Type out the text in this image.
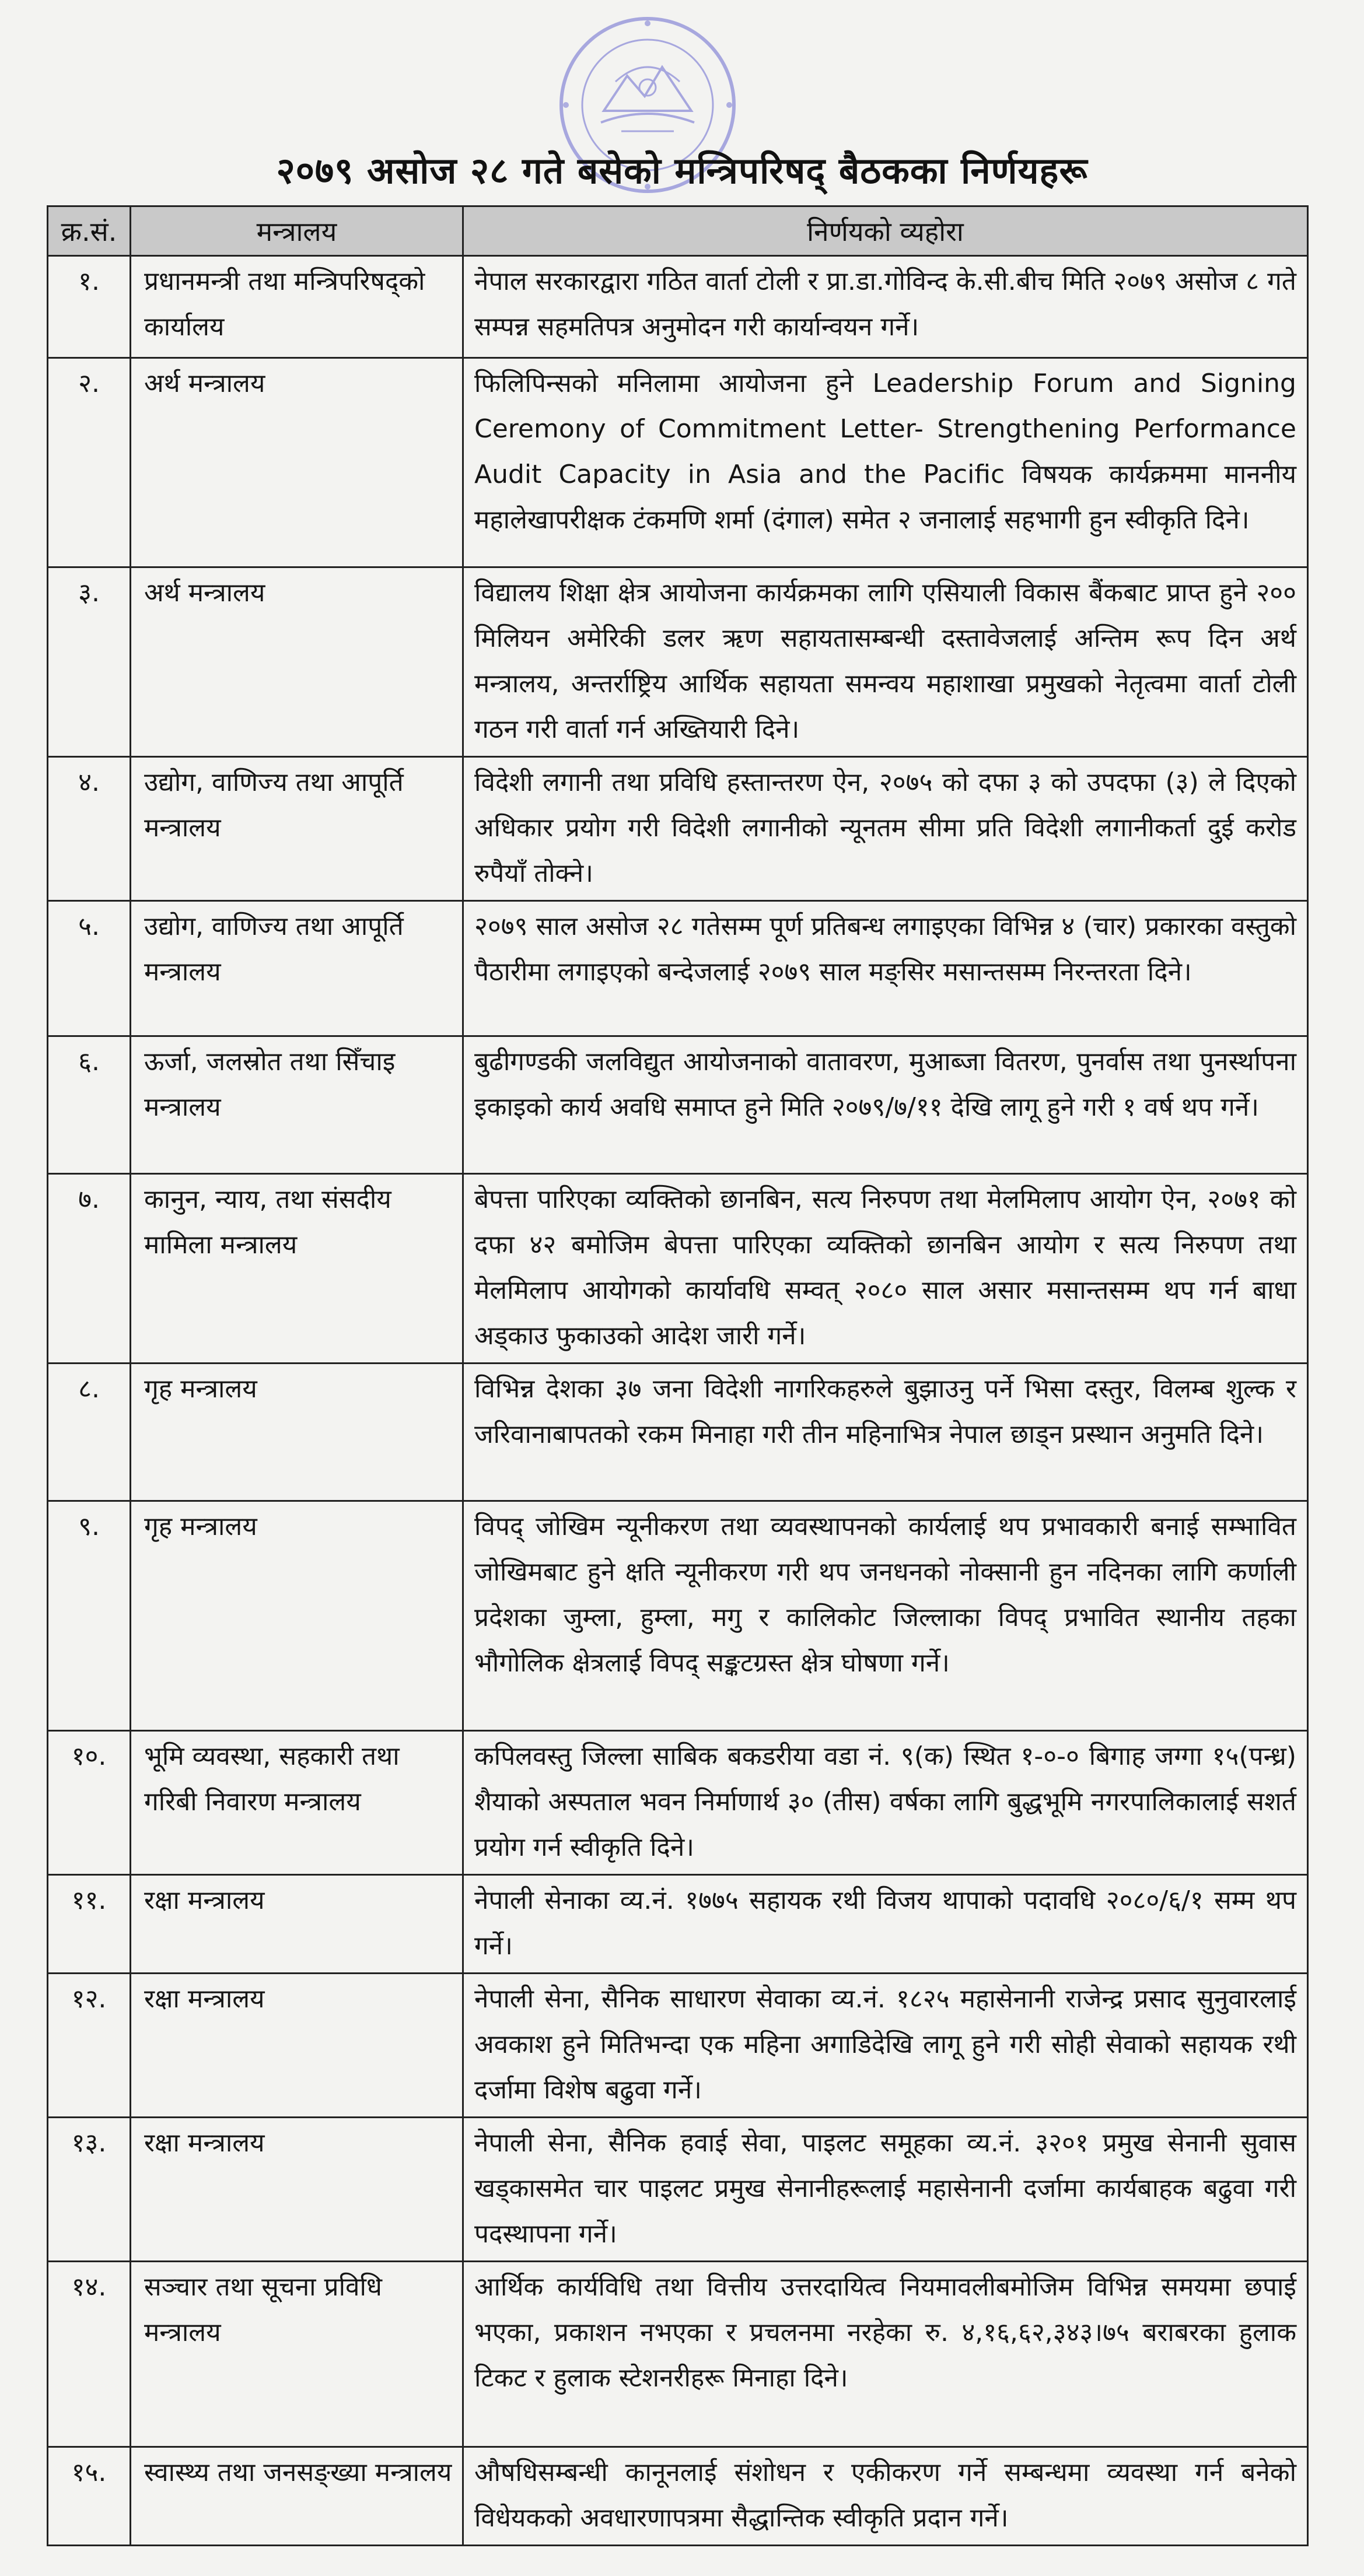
२०७९ असोज २८ गते बसेको मन्त्रिपरिषद् बैठकका निर्णयहरू
क्र.सं.	मन्त्रालय	निर्णयको व्यहोरा
१.	प्रधानमन्त्री तथा मन्त्रिपरिषद्को कार्यालय	नेपाल सरकारद्वारा गठित वार्ता टोली र प्रा.डा.गोविन्द के.सी.बीच मिति २०७९ असोज ८ गते सम्पन्न सहमतिपत्र अनुमोदन गरी कार्यान्वयन गर्ने।
२.	अर्थ मन्त्रालय	फिलिपिन्सको मनिलामा आयोजना हुने Leadership Forum and Signing Ceremony of Commitment Letter- Strengthening Performance Audit Capacity in Asia and the Pacific विषयक कार्यक्रममा माननीय महालेखापरीक्षक टंकमणि शर्मा (दंगाल) समेत २ जनालाई सहभागी हुन स्वीकृति दिने।
३.	अर्थ मन्त्रालय	विद्यालय शिक्षा क्षेत्र आयोजना कार्यक्रमका लागि एसियाली विकास बैंकबाट प्राप्त हुने २०० मिलियन अमेरिकी डलर ऋण सहायतासम्बन्धी दस्तावेजलाई अन्तिम रूप दिन अर्थ मन्त्रालय, अन्तर्राष्ट्रिय आर्थिक सहायता समन्वय महाशाखा प्रमुखको नेतृत्वमा वार्ता टोली गठन गरी वार्ता गर्न अख्तियारी दिने।
४.	उद्योग, वाणिज्य तथा आपूर्ति मन्त्रालय	विदेशी लगानी तथा प्रविधि हस्तान्तरण ऐन, २०७५ को दफा ३ को उपदफा (३) ले दिएको अधिकार प्रयोग गरी विदेशी लगानीको न्यूनतम सीमा प्रति विदेशी लगानीकर्ता दुई करोड रुपैयाँ तोक्ने।
५.	उद्योग, वाणिज्य तथा आपूर्ति मन्त्रालय	२०७९ साल असोज २८ गतेसम्म पूर्ण प्रतिबन्ध लगाइएका विभिन्न ४ (चार) प्रकारका वस्तुको पैठारीमा लगाइएको बन्देजलाई २०७९ साल मङ्सिर मसान्तसम्म निरन्तरता दिने।
६.	ऊर्जा, जलस्रोत तथा सिँचाइ मन्त्रालय	बुढीगण्डकी जलविद्युत आयोजनाको वातावरण, मुआब्जा वितरण, पुनर्वास तथा पुनर्स्थापना इकाइको कार्य अवधि समाप्त हुने मिति २०७९/७/११ देखि लागू हुने गरी १ वर्ष थप गर्ने।
७.	कानुन, न्याय, तथा संसदीय मामिला मन्त्रालय	बेपत्ता पारिएका व्यक्तिको छानबिन, सत्य निरुपण तथा मेलमिलाप आयोग ऐन, २०७१ को दफा ४२ बमोजिम बेपत्ता पारिएका व्यक्तिको छानबिन आयोग र सत्य निरुपण तथा मेलमिलाप आयोगको कार्यावधि सम्वत् २०८० साल असार मसान्तसम्म थप गर्न बाधा अड्काउ फुकाउको आदेश जारी गर्ने।
८.	गृह मन्त्रालय	विभिन्न देशका ३७ जना विदेशी नागरिकहरुले बुझाउनु पर्ने भिसा दस्तुर, विलम्ब शुल्क र जरिवानाबापतको रकम मिनाहा गरी तीन महिनाभित्र नेपाल छाड्न प्रस्थान अनुमति दिने।
९.	गृह मन्त्रालय	विपद् जोखिम न्यूनीकरण तथा व्यवस्थापनको कार्यलाई थप प्रभावकारी बनाई सम्भावित जोखिमबाट हुने क्षति न्यूनीकरण गरी थप जनधनको नोक्सानी हुन नदिनका लागि कर्णाली प्रदेशका जुम्ला, हुम्ला, मगु र कालिकोट जिल्लाका विपद् प्रभावित स्थानीय तहका भौगोलिक क्षेत्रलाई विपद् सङ्कटग्रस्त क्षेत्र घोषणा गर्ने।
१०.	भूमि व्यवस्था, सहकारी तथा गरिबी निवारण मन्त्रालय	कपिलवस्तु जिल्ला साबिक बकडरीया वडा नं. ९(क) स्थित १-०-० बिगाह जग्गा १५(पन्ध्र) शैयाको अस्पताल भवन निर्माणार्थ ३० (तीस) वर्षका लागि बुद्धभूमि नगरपालिकालाई सशर्त प्रयोग गर्न स्वीकृति दिने।
११.	रक्षा मन्त्रालय	नेपाली सेनाका व्य.नं. १७७५ सहायक रथी विजय थापाको पदावधि २०८०/६/१ सम्म थप गर्ने।
१२.	रक्षा मन्त्रालय	नेपाली सेना, सैनिक साधारण सेवाका व्य.नं. १८२५ महासेनानी राजेन्द्र प्रसाद सुनुवारलाई अवकाश हुने मितिभन्दा एक महिना अगाडिदेखि लागू हुने गरी सोही सेवाको सहायक रथी दर्जामा विशेष बढुवा गर्ने।
१३.	रक्षा मन्त्रालय	नेपाली सेना, सैनिक हवाई सेवा, पाइलट समूहका व्य.नं. ३२०१ प्रमुख सेनानी सुवास खड्कासमेत चार पाइलट प्रमुख सेनानीहरूलाई महासेनानी दर्जामा कार्यबाहक बढुवा गरी पदस्थापना गर्ने।
१४.	सञ्चार तथा सूचना प्रविधि मन्त्रालय	आर्थिक कार्यविधि तथा वित्तीय उत्तरदायित्व नियमावलीबमोजिम विभिन्न समयमा छपाई भएका, प्रकाशन नभएका र प्रचलनमा नरहेका रु. ४,१६,६२,३४३।७५ बराबरका हुलाक टिकट र हुलाक स्टेशनरीहरू मिनाहा दिने।
१५.	स्वास्थ्य तथा जनसङ्ख्या मन्त्रालय	औषधिसम्बन्धी कानूनलाई संशोधन र एकीकरण गर्ने सम्बन्धमा व्यवस्था गर्न बनेको विधेयकको अवधारणापत्रमा सैद्धान्तिक स्वीकृति प्रदान गर्ने।
